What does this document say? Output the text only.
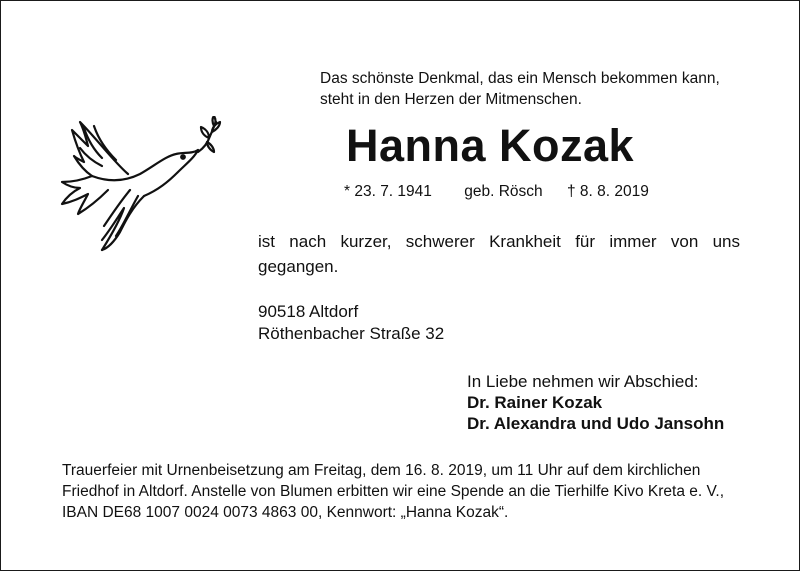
Das schönste Denkmal, das ein Mensch bekommen kann,
steht in den Herzen der Mitmenschen.
Hanna Kozak
* 23. 7. 1941 geb. Rösch † 8. 8. 2019
ist nach kurzer, schwerer Krankheit für immer von uns gegangen.
90518 Altdorf
Röthenbacher Straße 32
In Liebe nehmen wir Abschied:
Dr. Rainer Kozak
Dr. Alexandra und Udo Jansohn
Trauerfeier mit Urnenbeisetzung am Freitag, dem 16. 8. 2019, um 11 Uhr auf dem kirchlichen
Friedhof in Altdorf. Anstelle von Blumen erbitten wir eine Spende an die Tierhilfe Kivo Kreta e. V.,
IBAN DE68 1007 0024 0073 4863 00, Kennwort: „Hanna Kozak“.
